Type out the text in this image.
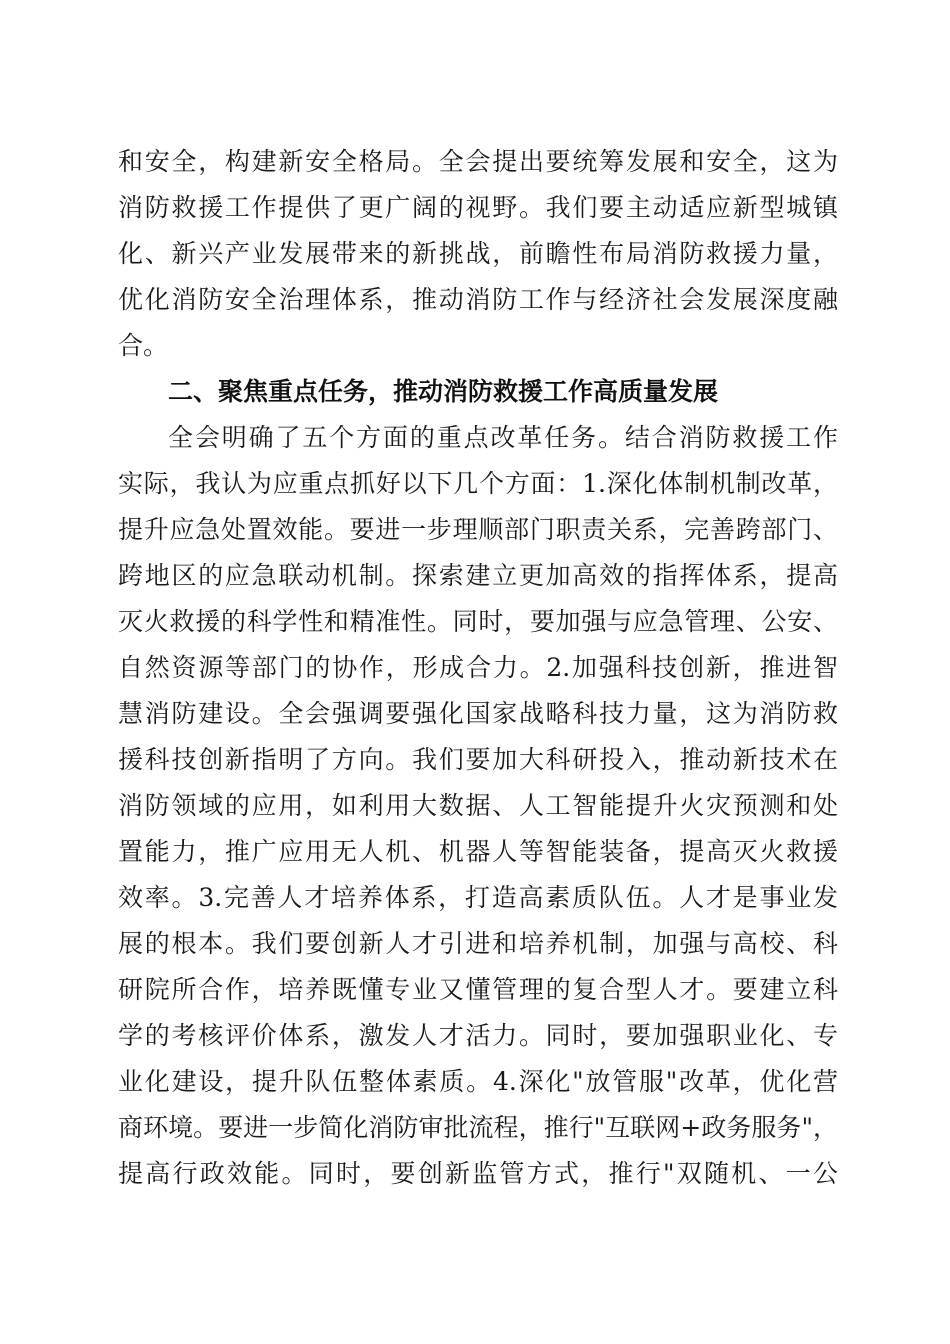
和安全，构建新安全格局。全会提出要统筹发展和安全，这为
消防救援工作提供了更广阔的视野。我们要主动适应新型城镇
化、新兴产业发展带来的新挑战，前瞻性布局消防救援力量，
优化消防安全治理体系，推动消防工作与经济社会发展深度融
合。
二、聚焦重点任务，推动消防救援工作高质量发展
全会明确了五个方面的重点改革任务。结合消防救援工作
实际，我认为应重点抓好以下几个方面：1.深化体制机制改革，
提升应急处置效能。要进一步理顺部门职责关系，完善跨部门、
跨地区的应急联动机制。探索建立更加高效的指挥体系，提高
灭火救援的科学性和精准性。同时，要加强与应急管理、公安、
自然资源等部门的协作，形成合力。2.加强科技创新，推进智
慧消防建设。全会强调要强化国家战略科技力量，这为消防救
援科技创新指明了方向。我们要加大科研投入，推动新技术在
消防领域的应用，如利用大数据、人工智能提升火灾预测和处
置能力，推广应用无人机、机器人等智能装备，提高灭火救援
效率。3.完善人才培养体系，打造高素质队伍。人才是事业发
展的根本。我们要创新人才引进和培养机制，加强与高校、科
研院所合作，培养既懂专业又懂管理的复合型人才。要建立科
学的考核评价体系，激发人才活力。同时，要加强职业化、专
业化建设，提升队伍整体素质。4.深化"放管服"改革，优化营
商环境。要进一步简化消防审批流程，推行"互联网+政务服务"，
提高行政效能。同时，要创新监管方式，推行"双随机、一公
